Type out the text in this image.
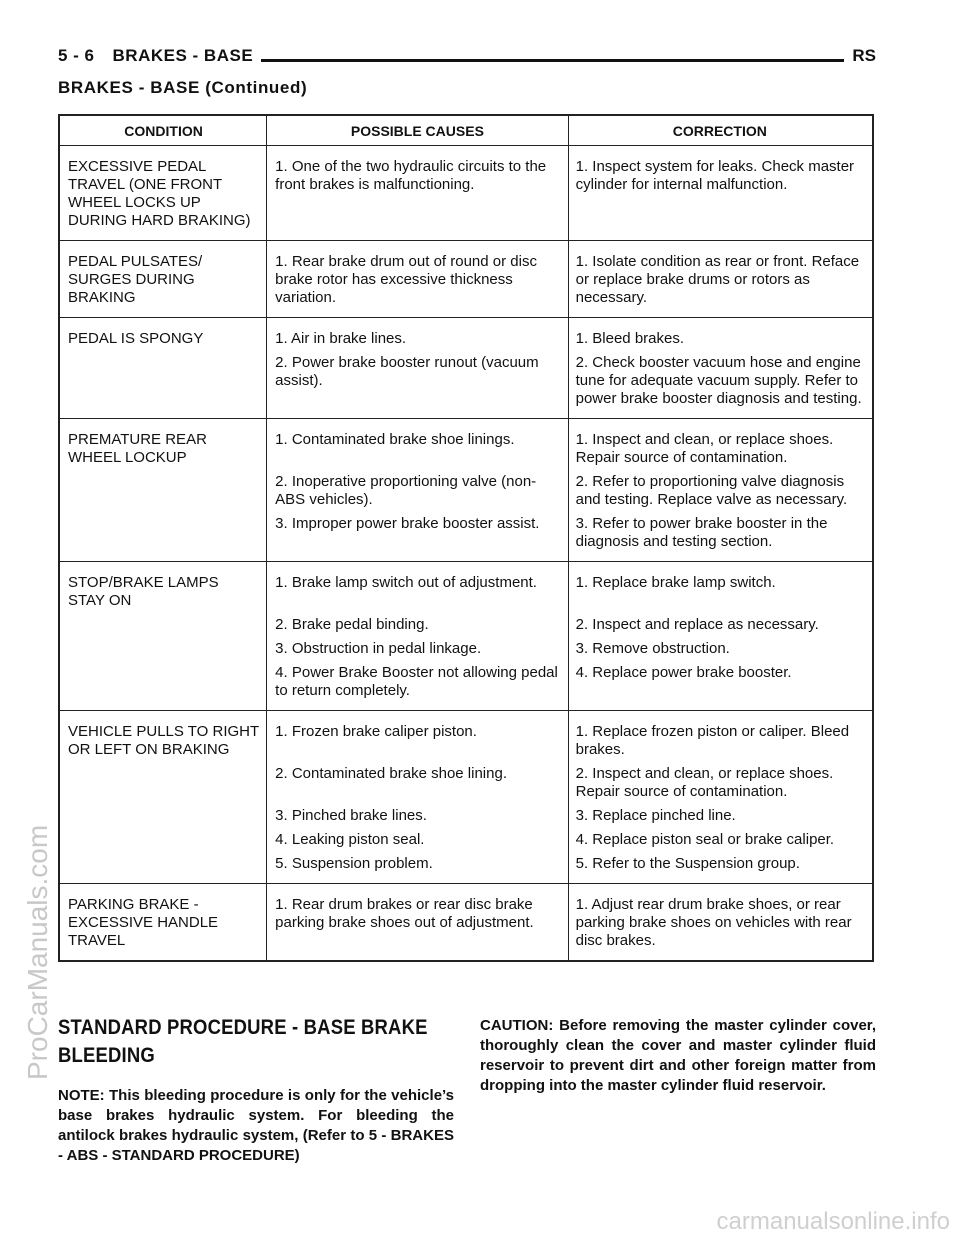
5 - 6 BRAKES - BASE	RS
BRAKES - BASE (Continued)
CONDITION	POSSIBLE CAUSES	CORRECTION
EXCESSIVE PEDAL TRAVEL (ONE FRONT WHEEL LOCKS UP DURING HARD BRAKING)	1. One of the two hydraulic circuits to the front brakes is malfunctioning.	1. Inspect system for leaks. Check master cylinder for internal malfunction.
PEDAL PULSATES/ SURGES DURING BRAKING	1. Rear brake drum out of round or disc brake rotor has excessive thickness variation.	1. Isolate condition as rear or front. Reface or replace brake drums or rotors as necessary.
PEDAL IS SPONGY	1. Air in brake lines.	1. Bleed brakes.
	2. Power brake booster runout (vacuum assist).	2. Check booster vacuum hose and engine tune for adequate vacuum supply. Refer to power brake booster diagnosis and testing.
PREMATURE REAR WHEEL LOCKUP	1. Contaminated brake shoe linings.	1. Inspect and clean, or replace shoes. Repair source of contamination.
	2. Inoperative proportioning valve (non-ABS vehicles).	2. Refer to proportioning valve diagnosis and testing. Replace valve as necessary.
	3. Improper power brake booster assist.	3. Refer to power brake booster in the diagnosis and testing section.
STOP/BRAKE LAMPS STAY ON	1. Brake lamp switch out of adjustment.	1. Replace brake lamp switch.
	2. Brake pedal binding.	2. Inspect and replace as necessary.
	3. Obstruction in pedal linkage.	3. Remove obstruction.
	4. Power Brake Booster not allowing pedal to return completely.	4. Replace power brake booster.
VEHICLE PULLS TO RIGHT OR LEFT ON BRAKING	1. Frozen brake caliper piston.	1. Replace frozen piston or caliper. Bleed brakes.
	2. Contaminated brake shoe lining.	2. Inspect and clean, or replace shoes. Repair source of contamination.
	3. Pinched brake lines.	3. Replace pinched line.
	4. Leaking piston seal.	4. Replace piston seal or brake caliper.
	5. Suspension problem.	5. Refer to the Suspension group.
PARKING BRAKE - EXCESSIVE HANDLE TRAVEL	1. Rear drum brakes or rear disc brake parking brake shoes out of adjustment.	1. Adjust rear drum brake shoes, or rear parking brake shoes on vehicles with rear disc brakes.
STANDARD PROCEDURE - BASE BRAKE BLEEDING

NOTE: This bleeding procedure is only for the vehicle’s base brakes hydraulic system. For bleeding the antilock brakes hydraulic system, (Refer to 5 - BRAKES - ABS - STANDARD PROCEDURE)

CAUTION: Before removing the master cylinder cover, thoroughly clean the cover and master cylinder fluid reservoir to prevent dirt and other foreign matter from dropping into the master cylinder fluid reservoir.

ProCarManuals.com
carmanualsonline.info
